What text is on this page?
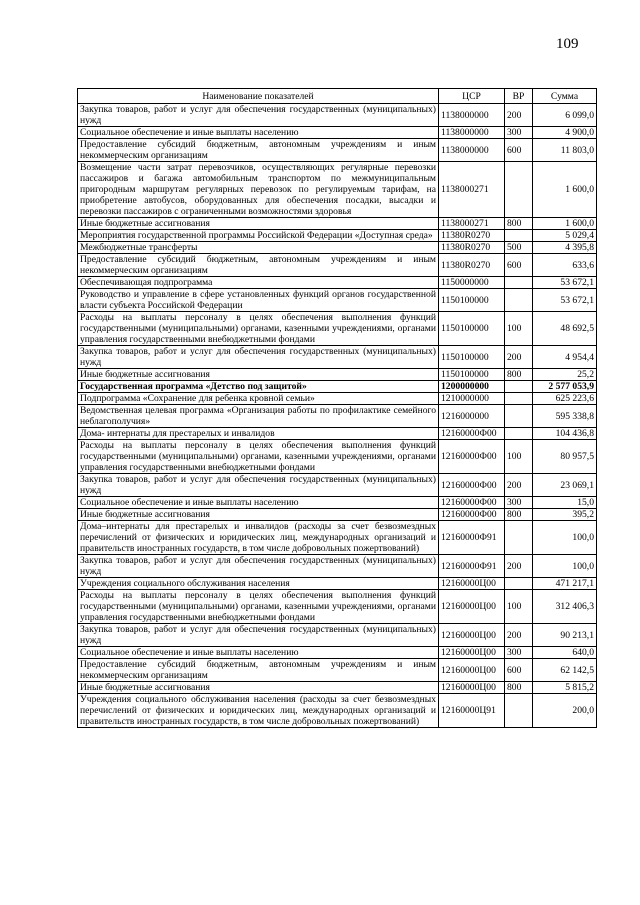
109
Наименование показателей	ЦСР	ВР	Сумма
Закупка товаров, работ и услуг для обеспечения государственных (муниципальных) нужд	1138000000	200	6 099,0
Социальное обеспечение и иные выплаты населению	1138000000	300	4 900,0
Предоставление субсидий бюджетным, автономным учреждениям и иным некоммерческим организациям	1138000000	600	11 803,0
Возмещение части затрат перевозчиков, осуществляющих регулярные перевозки пассажиров и багажа автомобильным транспортом по межмуниципальным пригородным маршрутам регулярных перевозок по регулируемым тарифам, на приобретение автобусов, оборудованных для обеспечения посадки, высадки и перевозки пассажиров с ограниченными возможностями здоровья	1138000271		1 600,0
Иные бюджетные ассигнования	1138000271	800	1 600,0
Мероприятия государственной программы Российской Федерации «Доступная среда»	11380R0270		5 029,4
Межбюджетные трансферты	11380R0270	500	4 395,8
Предоставление субсидий бюджетным, автономным учреждениям и иным некоммерческим организациям	11380R0270	600	633,6
Обеспечивающая подпрограмма	1150000000		53 672,1
Руководство и управление в сфере установленных функций органов государственной власти субъекта Российской Федерации	1150100000		53 672,1
Расходы на выплаты персоналу в целях обеспечения выполнения функций государственными (муниципальными) органами, казенными учреждениями, органами управления государственными внебюджетными фондами	1150100000	100	48 692,5
Закупка товаров, работ и услуг для обеспечения государственных (муниципальных) нужд	1150100000	200	4 954,4
Иные бюджетные ассигнования	1150100000	800	25,2
Государственная программа «Детство под защитой»	1200000000		2 577 053,9
Подпрограмма «Сохранение для ребенка кровной семьи»	1210000000		625 223,6
Ведомственная целевая программа «Организация работы по профилактике семейного неблагополучия»	1216000000		595 338,8
Дома- интернаты для престарелых и инвалидов	12160000Ф00		104 436,8
Расходы на выплаты персоналу в целях обеспечения выполнения функций государственными (муниципальными) органами, казенными учреждениями, органами управления государственными внебюджетными фондами	12160000Ф00	100	80 957,5
Закупка товаров, работ и услуг для обеспечения государственных (муниципальных) нужд	12160000Ф00	200	23 069,1
Социальное обеспечение и иные выплаты населению	12160000Ф00	300	15,0
Иные бюджетные ассигнования	12160000Ф00	800	395,2
Дома–интернаты для престарелых и инвалидов (расходы за счет безвозмездных перечислений от физических и юридических лиц, международных организаций и правительств иностранных государств, в том числе добровольных пожертвований)	12160000Ф91		100,0
Закупка товаров, работ и услуг для обеспечения государственных (муниципальных) нужд	12160000Ф91	200	100,0
Учреждения социального обслуживания населения	12160000Ц00		471 217,1
Расходы на выплаты персоналу в целях обеспечения выполнения функций государственными (муниципальными) органами, казенными учреждениями, органами управления государственными внебюджетными фондами	12160000Ц00	100	312 406,3
Закупка товаров, работ и услуг для обеспечения государственных (муниципальных) нужд	12160000Ц00	200	90 213,1
Социальное обеспечение и иные выплаты населению	12160000Ц00	300	640,0
Предоставление субсидий бюджетным, автономным учреждениям и иным некоммерческим организациям	12160000Ц00	600	62 142,5
Иные бюджетные ассигнования	12160000Ц00	800	5 815,2
Учреждения социального обслуживания населения (расходы за счет безвозмездных перечислений от физических и юридических лиц, международных организаций и правительств иностранных государств, в том числе добровольных пожертвований)	12160000Ц91		200,0
